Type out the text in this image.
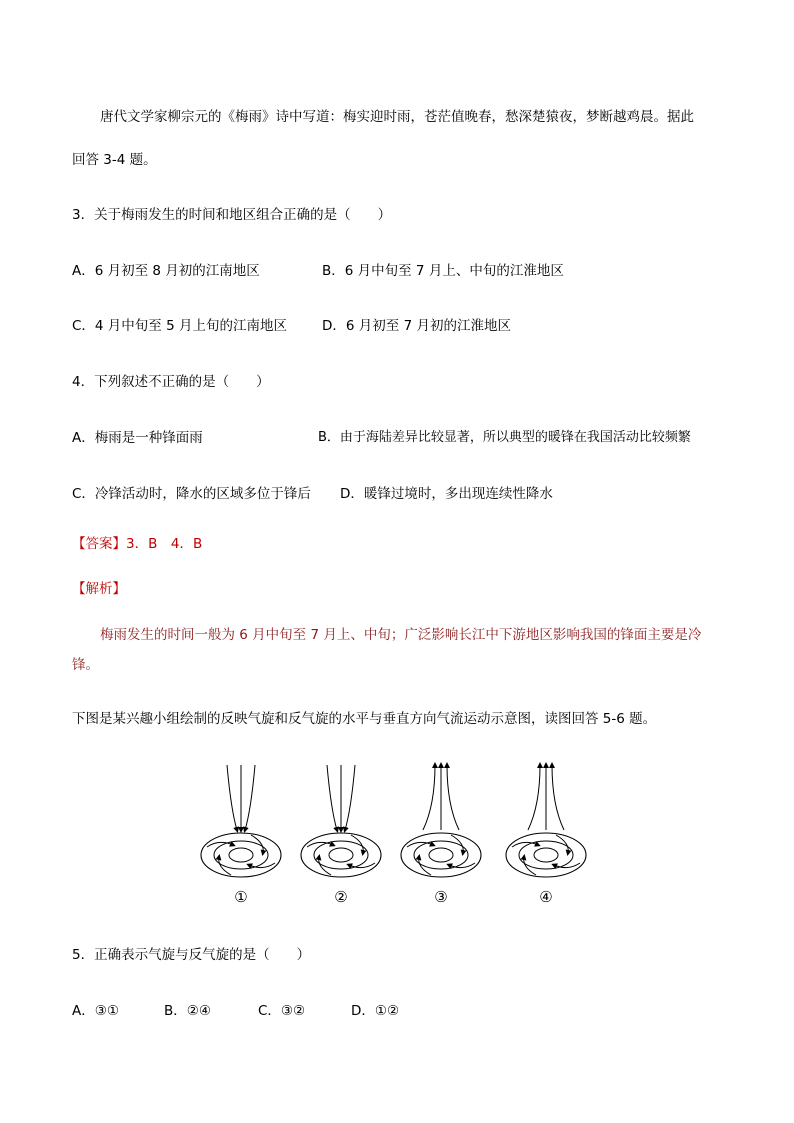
唐代文学家柳宗元的《梅雨》诗中写道：梅实迎时雨，苍茫值晚春，愁深楚猿夜，梦断越鸡晨。据此
回答 3-4 题。
3．关于梅雨发生的时间和地区组合正确的是（　　）
A．6 月初至 8 月初的江南地区	B．6 月中旬至 7 月上、中旬的江淮地区
C．4 月中旬至 5 月上旬的江南地区	D．6 月初至 7 月初的江淮地区
4．下列叙述不正确的是（　　）
A．梅雨是一种锋面雨	B．由于海陆差异比较显著，所以典型的暖锋在我国活动比较频繁
C．冷锋活动时，降水的区域多位于锋后 D．暖锋过境时，多出现连续性降水
【答案】3．B　4．B
【解析】
梅雨发生的时间一般为 6 月中旬至 7 月上、中旬；广泛影响长江中下游地区影响我国的锋面主要是冷
锋。
下图是某兴趣小组绘制的反映气旋和反气旋的水平与垂直方向气流运动示意图，读图回答 5-6 题。
①	②	③	④
5．正确表示气旋与反气旋的是（　　）
A．③①	B．②④	C．③②	D．①②
